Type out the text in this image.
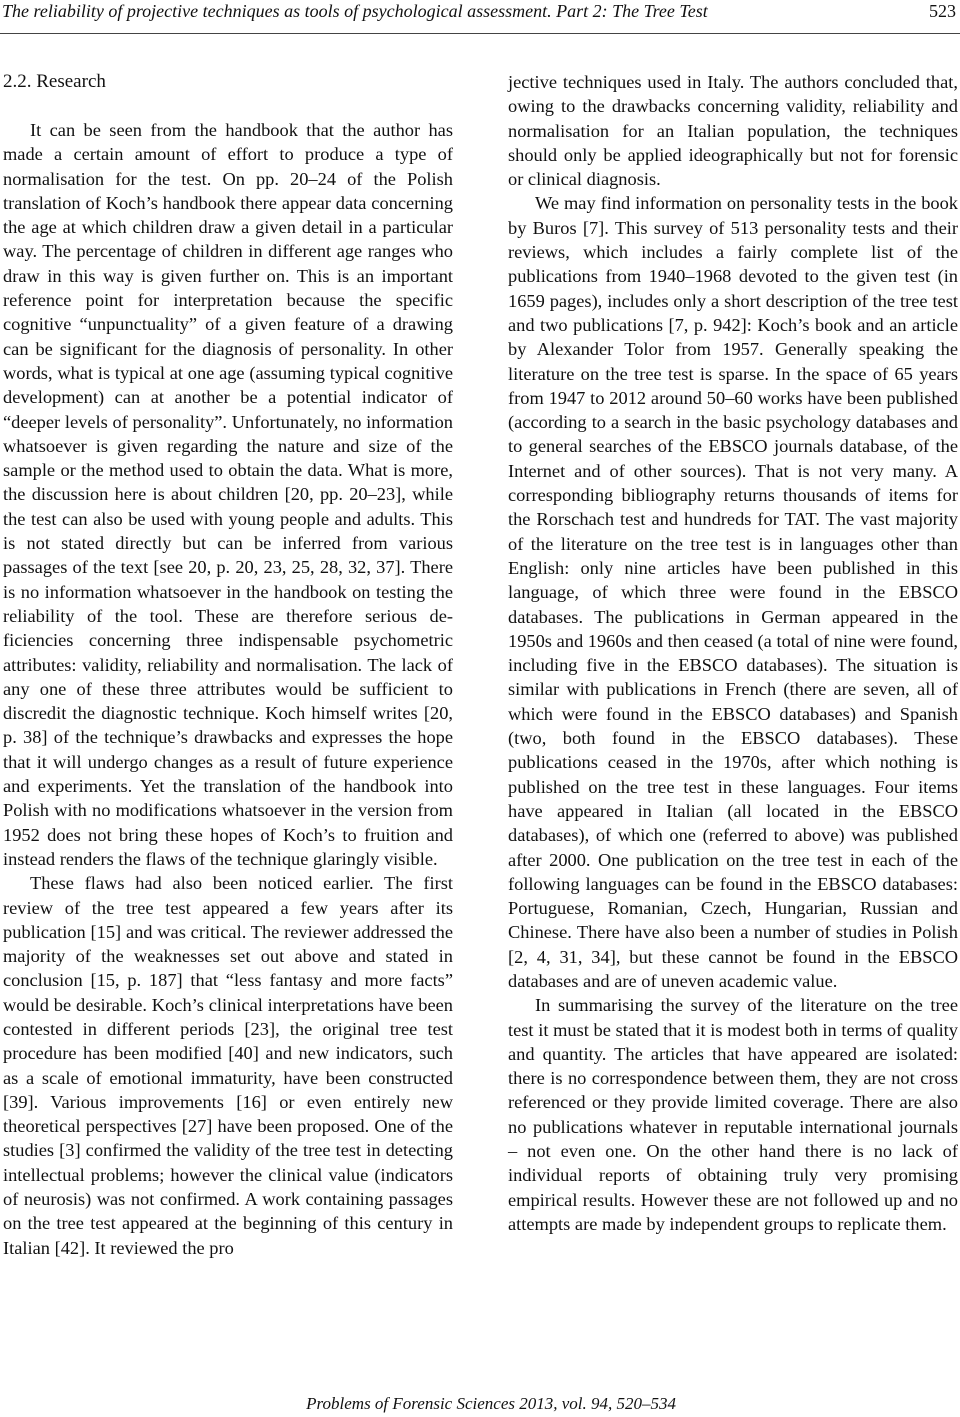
The reliability of projective techniques as tools of psychological assessment. Part 2: The Tree Test	523
2.2. Research

It can be seen from the handbook that the author has made a certain amount of effort to produce a type of normalisation for the test. On pp. 20–24 of the Polish translation of Koch’s handbook there appear data concerning the age at which children draw a given detail in a particular way. The percentage of children in different age ranges who draw in this way is given further on. This is an important reference point for interpretation because the specific cognitive “unpunctuality” of a given feature of a drawing can be significant for the diagnosis of personality. In other words, what is typical at one age (assuming typical cognitive development) can at another be a potential indicator of “deeper levels of personality”. Unfortunately, no information whatsoever is given regarding the nature and size of the sample or the method used to obtain the data. What is more, the discussion here is about children [20, pp. 20–23], while the test can also be used with young people and adults. This is not stated directly but can be inferred from various passages of the text [see 20, p. 20, 23, 25, 28, 32, 37]. There is no information whatsoever in the handbook on testing the reliability of the tool. These are therefore serious deficiencies concerning three indispensable psychometric attributes: validity, reliability and normalisation. The lack of any one of these three attributes would be sufficient to discredit the diagnostic technique. Koch himself writes [20, p. 38] of the technique’s drawbacks and expresses the hope that it will undergo changes as a result of future experience and experiments. Yet the translation of the handbook into Polish with no modifications whatsoever in the version from 1952 does not bring these hopes of Koch’s to fruition and instead renders the flaws of the technique glaringly visible.

These flaws had also been noticed earlier. The first review of the tree test appeared a few years after its publication [15] and was critical. The reviewer addressed the majority of the weaknesses set out above and stated in conclusion [15, p. 187] that “less fantasy and more facts” would be desirable. Koch’s clinical interpretations have been contested in different periods [23], the original tree test procedure has been modified [40] and new indicators, such as a scale of emotional immaturity, have been constructed [39]. Various improvements [16] or even entirely new theoretical perspectives [27] have been proposed. One of the studies [3] confirmed the validity of the tree test in detecting intellectual problems; however the clinical value (indicators of neurosis) was not confirmed. A work containing passages on the tree test appeared at the beginning of this century in Italian [42]. It reviewed the pro

jective techniques used in Italy. The authors concluded that, owing to the drawbacks concerning validity, reliability and normalisation for an Italian population, the techniques should only be applied ideographically but not for forensic or clinical diagnosis.

We may find information on personality tests in the book by Buros [7]. This survey of 513 personality tests and their reviews, which includes a fairly complete list of the publications from 1940–1968 devoted to the given test (in 1659 pages), includes only a short description of the tree test and two publications [7, p. 942]: Koch’s book and an article by Alexander Tolor from 1957. Generally speaking the literature on the tree test is sparse. In the space of 65 years from 1947 to 2012 around 50–60 works have been published (according to a search in the basic psychology databases and to general searches of the EBSCO journals database, of the Internet and of other sources). That is not very many. A corresponding bibliography returns thousands of items for the Rorschach test and hundreds for TAT. The vast majority of the literature on the tree test is in languages other than English: only nine articles have been published in this language, of which three were found in the EBSCO databases. The publications in German appeared in the 1950s and 1960s and then ceased (a total of nine were found, including five in the EBSCO databases). The situation is similar with publications in French (there are seven, all of which were found in the EBSCO databases) and Spanish (two, both found in the EBSCO databases). These publications ceased in the 1970s, after which nothing is published on the tree test in these languages. Four items have appeared in Italian (all located in the EBSCO databases), of which one (referred to above) was published after 2000. One publication on the tree test in each of the following languages can be found in the EBSCO databases: Portuguese, Romanian, Czech, Hungarian, Russian and Chinese. There have also been a number of studies in Polish [2, 4, 31, 34], but these cannot be found in the EBSCO databases and are of uneven academic value.

In summarising the survey of the literature on the tree test it must be stated that it is modest both in terms of quality and quantity. The articles that have appeared are isolated: there is no correspondence between them, they are not cross referenced or they provide limited coverage. There are also no publications whatever in reputable international journals – not even one. On the other hand there is no lack of individual reports of obtaining truly very promising empirical results. However these are not followed up and no attempts are made by independent groups to replicate them.

Problems of Forensic Sciences 2013, vol. 94, 520–534
